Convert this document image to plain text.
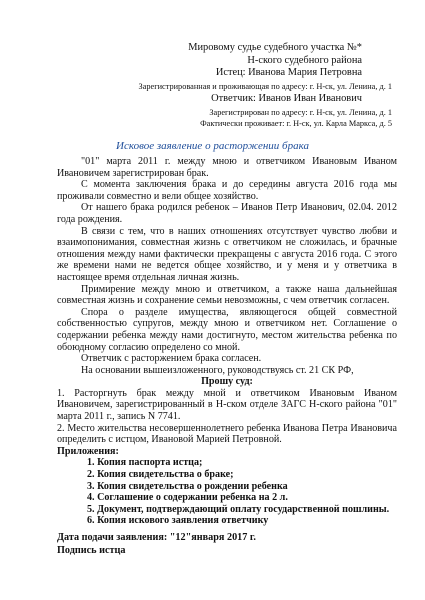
Мировому судье судебного участка №*
Н-ского судебного района
Истец: Иванова Мария Петровна
Зарегистрированная и проживающая по адресу: г. Н-ск, ул. Ленина, д. 1
Ответчик: Иванов Иван Иванович
Зарегистрирован по адресу: г. Н-ск, ул. Ленина, д. 1
Фактически проживает: г. Н-ск, ул. Карла Маркса, д. 5
Исковое заявление о расторжении брака

"01" марта 2011 г. между мною и ответчиком Ивановым Иваном Ивановичем зарегистрирован брак.

С момента заключения брака и до середины августа 2016 года мы проживали совместно и вели общее хозяйство.

От нашего брака родился ребенок – Иванов Петр Иванович, 02.04. 2012 года рождения.

В связи с тем, что в наших отношениях отсутствует чувство любви и взаимопонимания, совместная жизнь с ответчиком не сложилась, и брачные отношения между нами фактически прекращены с августа 2016 года. С этого же времени нами не ведется общее хозяйство, и у меня и у ответчика в настоящее время отдельная личная жизнь.

Примирение между мною и ответчиком, а также наша дальнейшая совместная жизнь и сохранение семьи невозможны, с чем ответчик согласен.

Спора о разделе имущества, являющегося общей совместной собственностью супругов, между мною и ответчиком нет. Соглашение о содержании ребенка между нами достигнуто, местом жительства ребенка по обоюдному согласию определено со мной.

Ответчик с расторжением брака согласен.

На основании вышеизложенного, руководствуясь ст. 21 СК РФ,

Прошу суд:

1. Расторгнуть брак между мной и ответчиком Ивановым Иваном Ивановичем, зарегистрированный в Н-ском отделе ЗАГС Н-ского района "01" марта 2011 г., запись N 7741.

2. Место жительства несовершеннолетнего ребенка Иванова Петра Ивановича определить с истцом, Ивановой Марией Петровной.

Приложения:

1. Копия паспорта истца;
2. Копия свидетельства о браке;
3. Копия свидетельства о рождении ребенка
4. Соглашение о содержании ребенка на 2 л.
5. Документ, подтверждающий оплату государственной пошлины.
6. Копия искового заявления ответчику
Дата подачи заявления: "12"января 2017 г.
Подпись истца
